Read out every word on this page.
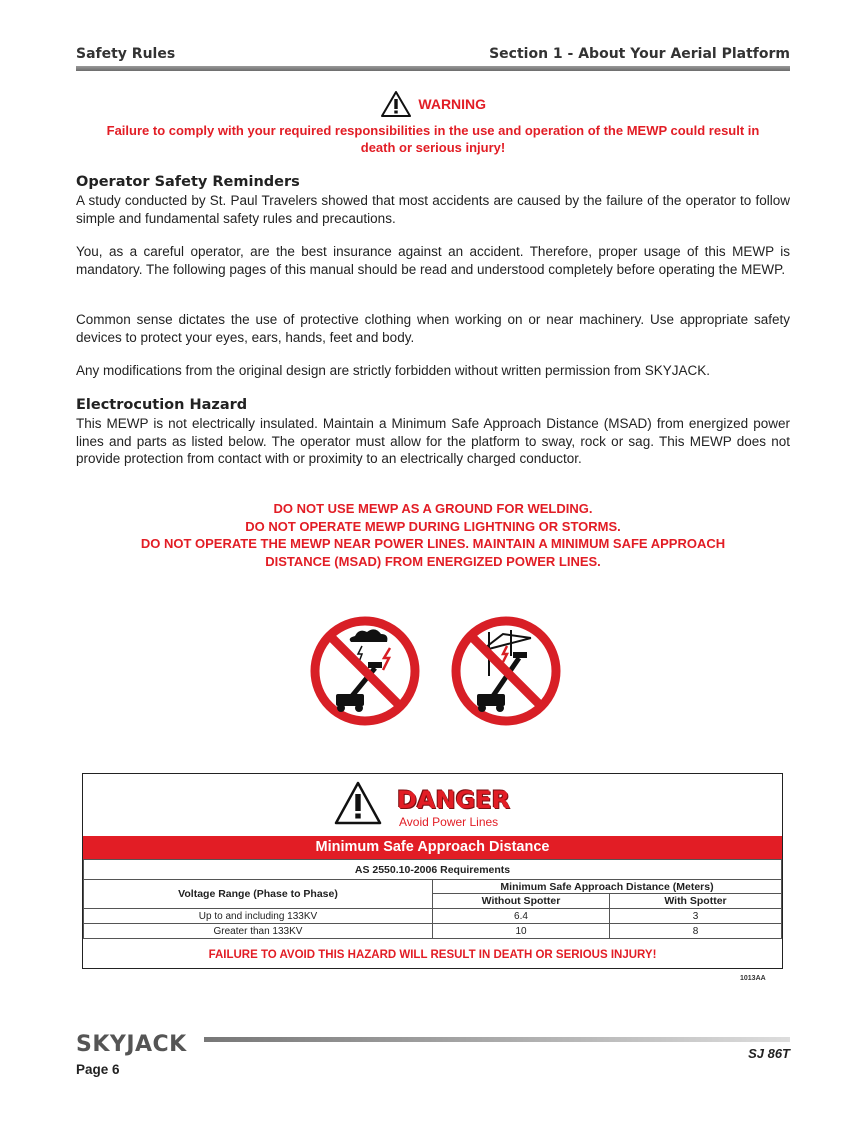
Safety Rules	Section 1 - About Your Aerial Platform
WARNING
Failure to comply with your required responsibilities in the use and operation of the MEWP could result in death or serious injury!
Operator Safety Reminders
A study conducted by St. Paul Travelers showed that most accidents are caused by the failure of the operator to follow simple and fundamental safety rules and precautions.
You, as a careful operator, are the best insurance against an accident. Therefore, proper usage of this MEWP is mandatory. The following pages of this manual should be read and understood completely before operating the MEWP.
Common sense dictates the use of protective clothing when working on or near machinery. Use appropriate safety devices to protect your eyes, ears, hands, feet and body.
Any modifications from the original design are strictly forbidden without written permission from SKYJACK.
Electrocution Hazard
This MEWP is not electrically insulated. Maintain a Minimum Safe Approach Distance (MSAD) from energized power lines and parts as listed below. The operator must allow for the platform to sway, rock or sag. This MEWP does not provide protection from contact with or proximity to an electrically charged conductor.
DO NOT USE MEWP AS A GROUND FOR WELDING.
DO NOT OPERATE MEWP DURING LIGHTNING OR STORMS.
DO NOT OPERATE THE MEWP NEAR POWER LINES. MAINTAIN A MINIMUM SAFE APPROACH DISTANCE (MSAD) FROM ENERGIZED POWER LINES.
DANGER
Avoid Power Lines
Minimum Safe Approach Distance
AS 2550.10-2006 Requirements		
Voltage Range (Phase to Phase)	Minimum Safe Approach Distance (Meters)	
	Without Spotter	With Spotter
Up to and including 133KV	6.4	3
Greater than 133KV	10	8
FAILURE TO AVOID THIS HAZARD WILL RESULT IN DEATH OR SERIOUS INJURY!
1013AA
SKYJACK	SJ 86T
Page 6
